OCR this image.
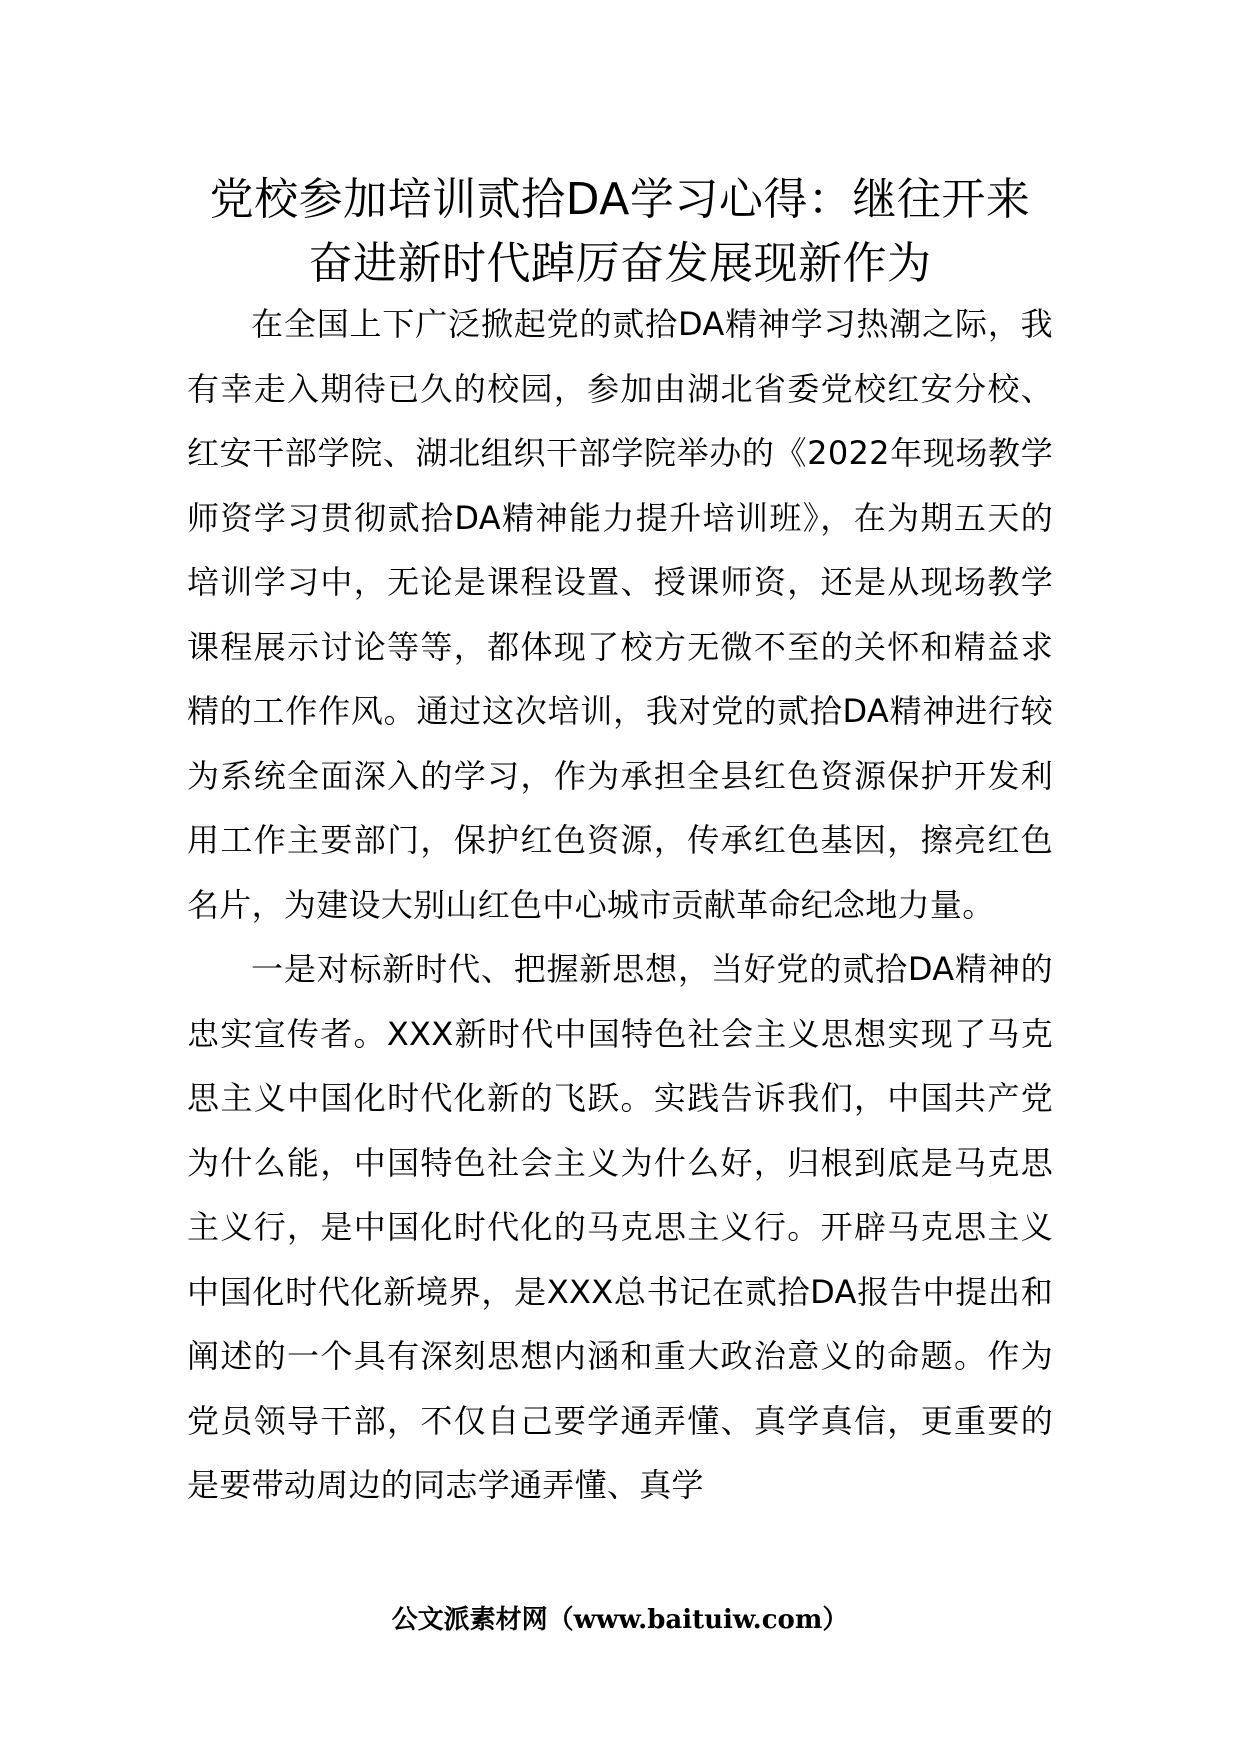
党校参加培训贰拾DA学习心得：继往开来
奋进新时代踔厉奋发展现新作为

在全国上下广泛掀起党的贰拾DA精神学习热潮之际，我有幸走入期待已久的校园，参加由湖北省委党校红安分校、红安干部学院、湖北组织干部学院举办的《2022年现场教学师资学习贯彻贰拾DA精神能力提升培训班》，在为期五天的培训学习中，无论是课程设置、授课师资，还是从现场教学课程展示讨论等等，都体现了校方无微不至的关怀和精益求精的工作作风。通过这次培训，我对党的贰拾DA精神进行较为系统全面深入的学习，作为承担全县红色资源保护开发利用工作主要部门，保护红色资源，传承红色基因，擦亮红色名片，为建设大别山红色中心城市贡献革命纪念地力量。

一是对标新时代、把握新思想，当好党的贰拾DA精神的忠实宣传者。XXX新时代中国特色社会主义思想实现了马克思主义中国化时代化新的飞跃。实践告诉我们，中国共产党为什么能，中国特色社会主义为什么好，归根到底是马克思主义行，是中国化时代化的马克思主义行。开辟马克思主义中国化时代化新境界，是XXX总书记在贰拾DA报告中提出和阐述的一个具有深刻思想内涵和重大政治意义的命题。作为党员领导干部，不仅自己要学通弄懂、真学真信，更重要的是要带动周边的同志学通弄懂、真学

公文派素材网（www.baituiw.com）
